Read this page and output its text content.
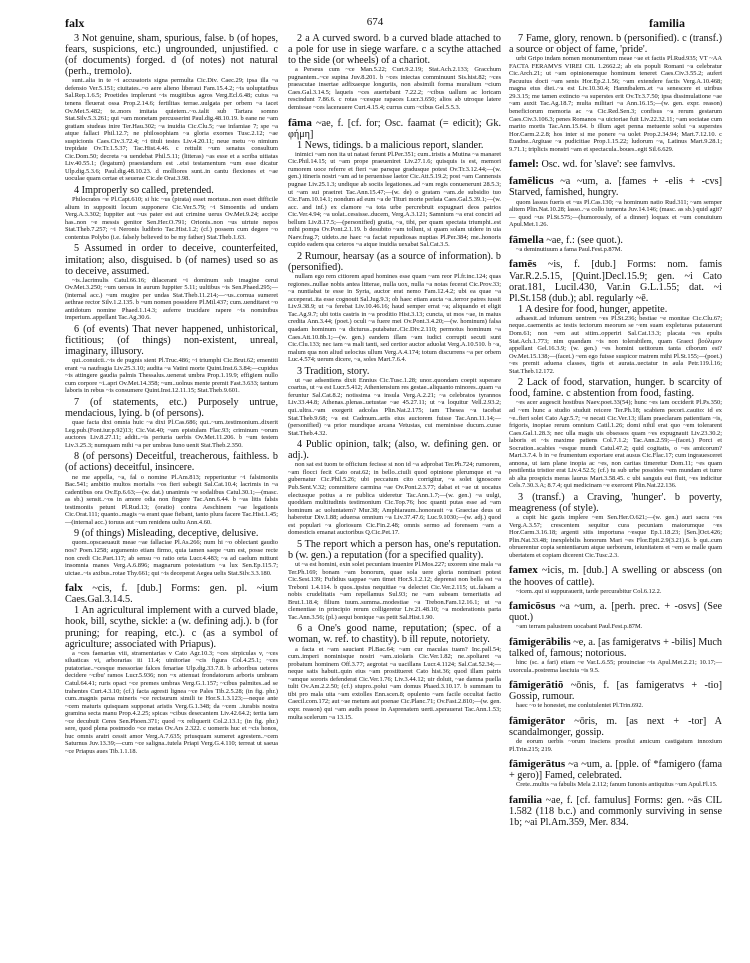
falx	674	familia

3 Not genuine, sham, spurious, false. b (of hopes, fears, suspicions, etc.) ungrounded, unjustified. c (of documents) forged. d (of notes) not natural (perh., tremolo).

sunt..alia in te ~i accusatoris signa permulta Cic.Div. Caec.29; ipsa illa ~a defensio Ver.5.151; ciuitates..~o aere alieno liberaui Fam.15.4.2; ~is uoluptatibus Sal.Rep.1.6.5; Proetides implerunt ~is mugitibus agros Verg.Ecl.6.48; cuius ~a tenens fleuerat ossa Prop.2.14.6; fertilitas terrae..uulgata per orbem ~a iacet Ov.Met.5.482; te..mors imitata quietem..~o..talit sub Tartara somno Stat.Silv.5.3.261; qui ~am monetam percusserint Paul.dig.48.10.19. b eane ne ~am gratiam studeas inire Ter.Hau.302; ~a inuidia Cic.Clu.5; ~ae infamiae 7; spe ~a atque fallaci Phil.12.7; ne philosophiam ~a gloria exornes Tusc.2.12; ~ae suspicionis Caes.Civ.3.72.4; ~i tituli testes Liv.4.20.11; neue metu ~o nimium trepidate Ov.Tr.1.5.37; Tac.Hist.4.46. c rettulit ~um senatus consultum Cic.Dom.50; decreta ~a uendebat Phil.5.11; (litteras) ~as esse et a scriba uitiatas Liv.40.55.1; (legatum) praestandum est ..etsi testamentum ~um esse dicatur Ulp.dig.5.3.6; Paul.dig.48.10.23. d molliores sunt..in cantu flexiones et ~ae uoculae quam certae et seuerae Cic.de Orat.3.98.

4 Improperly so called, pretended.

Philocrates ~e Pl.Capt.610; si hic ~us (pirata) esset mortuus..non esset difficile alium in suppositi locum supponere Cic.Ver.5.79; ~i Simoentis ad undam Verg.A.3.302; Iuppiter aut ~us pater est aut crimine uerus Ov.Met.9.24; accipe has..non ~e messis genitor Sen.Her.O.791; Orionis..non ~us uirtute nepos Stat.Theb.7.257; ~i Neronis ludibrio Tac.Hist.1.2; (cf.) possem cum degere ~o contentus Polybo (i.e. falsely believed to be my father) Stat.Theb.1.63.

5 Assumed in order to deceive, counterfeited, imitation; also, disguised. b (of names) used so as to deceive, assumed.

~is..lacrimulis Catul.66.16; dilacerant ~i dominum sub imagine cerui Ov.Met.3.250; ~um uersus in aurum Iuppiter 5.11; uultibus ~is Sen.Phaed.295;—(internal acc.) ~um mugire per undas Stat.Theb.11.214;—~us..cornua sumeret aethrae rector Silv.1.2.135. b ~um nomen possidere Pl.Mil.437; cum..uenditaret ~o antidotum nomine Phaed.1.14.3; auferre trucidare rapere ~is nominibus imperium..appellant Tac.Ag.30.6.

6 (of events) That never happened, unhistorical, fictitious; (of things) non-existent, unreal, imaginary, illusory.

qui..conuicti..~is de pugnis sient Pl.Truc.486; ~i triumphi Cic.Brut.62; ementiti erant ~a naufragia Liv.25.3.10; audita ~a Vatini morte Quint.Inst.6.3.84;—cupidus ~is attingere gaudia palmis Thessalus..uenerat umbra Prop.1.19.9; effigiem nullo cum corpore ~i..apri Ov.Met.14.358; ~um..uolnus mente premit Fast.3.633; tantum laboris in rebus ~is consumere Quint.Inst.12.11.15; Stat.Theb.9.601.

7 (of statements, etc.) Purposely untrue, mendacious, lying. b (of persons).

quae facta dixi omnia huic ~a dixi Pl.Cas.686; qui..~um..testimonium..dixerit Leg.pub.(Font.iur.p.92)13; Cic.Vat.40; ~am epistulam Flac.93; criminum ~orum auctores Liv.8.27.11; addit..~is periuria uerbis Ov.Met.11.206. b ~um testem Liv.3.25.3; numquam mihi ~a per umbras Iuno uenit Stat.Theb.2.350.

8 (of persons) Deceitful, treacherous, faithless. b (of actions) deceitful, insincere.

ne me appella, ~a, fal o nomine Pl.Am.813; repperiuntur ~i falsimoniis Bac.541; ambitio multos mortalis ~os fieri subegit Sal.Cat.10.4; lacrimis in ~a cadentibus ora Ov.Ep.6.63;—(w. dat.) unanimis ~e sodalibus Catul.30.1;—(masc. as sb.) sensit..~os in amore odia non fingere Tac.Ann.6.44. b ~as litis falsis testimoniis petunt Pl.Rud.13; (oratio) contra Aeschinem ~ae legationis Cic.Orat.111; quanto..magis ~a erant quae fiebant, tanto plura facere Tac.Hist.1.45;—(internal acc.) toruus aut ~um renidens uultu Ann.4.60.

9 (of things) Misleading, deceptive, delusive.

quom..opscaeuauit meae ~ae fallaciae Pl.As.266; num hi ~o oblectant gaudio nos? Poen.1258; argumento etiam firmo, quia tamen saepe ~um est, posse recte non credi Cic.Part.117; ab sensu ~o ratio orta Lucr.4.483; ~a ad caelum mittunt insomnia manes Verg.A.6.896; magnarum potestatium ~a lux Sen.Ep.115.7; uictae..~is axibus..rotae Thy.661; qui ~is deceperat Aegea uelis Stat.Silv.3.3.180.

falx ~cis, f. [dub.] Forms: gen. pl. ~ium Caes.Gal.3.14.5.

1 An agricultural implement with a curved blade, hook, bill, scythe, sickle: a (w. defining adj.). b (for pruning; for reaping, etc.). c (as a symbol of agriculture; associated with Priapus).

a ~ces faenarias viii, stramentarias v Cato Agr.10.3; ~ces sirpiculas v, ~ces siluaticas vi, arborarias iii 11.4; uinitoriae ~cis figura Col.4.25.1; ~ces putatoriae..~cesque messoriae falces fenariae Ulp.dig.33.7.8. b arboribus ueteres decidere ~cibu' ramos Lucr.5.936; non ~x attenuat frondatorum arboris umbram Catul.64.41; ruris opaci ~ce premes umbras Verg.G.1.157; ~cibus palmites..ad se trahentes Curt.4.3.10; (cf.) facta agresti lignea ~ce Pales Tib.2.5.28; (in fig. phr.) cum..magnis parua mineris ~ce recisurum simili te Hor.S.1.3.123;—neque ante ~cem maturis quisquam supponat aristis Verg.G.1.348; da ~cem ..iurabis nostra gramina secta manu Prop.4.2.25; spicas ~cibus desecantem Liv.42.64.2; tertia iam ~ce decubuit Ceres Sen.Phoen.371; quod ~x reliquerit Col.2.13.1; (in fig. phr.) sere, quod plena postmodo ~ce metas Ov.Ars 2.322. c uomeris huc et ~cis honos, huc omnis aratri cessit amor Verg.A.7.635; priusquam sumeret agrestem..~cem Saturnus Juv.13.39;—cum ~ce saligna..tutela Priapi Verg.G.4.110; terreat ut saeua ~ce Priapus aues Tib.1.1.18.

2 a A curved sword. b a curved blade attached to a pole for use in siege warfare. c a scythe attached to the side (or wheels) of a chariot.

a Perseus cum ~ce Man.5.22; Curt.9.2.19; Stat.Ach.2.133; Gracchum pugnantem..~ce supina Juv.8.201. b ~ces iniectas comminuunt Sis.hist.82; ~ces praeacutae insertae adfixaeque longuriis, non absimili forma muralium ~cium Caes.Gal.3.14.5; laqueis ~ces auertebant 7.22.2; ~cibus uallum ac loricam rescindunt 7.86.6. c rotas ~cesque rapaces Lucr.3.650; alios ab utroque latere demissae ~ces lacerauere Curt.4.15.4; currus cum ~cibus Gel.5.5.3.

fāma ~ae, f. [cf. for; Osc. faamat (= edicit); Gk. φήμη]

1 News, tidings. b a malicious report, slander.

inimici ~am non ita ut natast ferunt Pl.Per.351; cum..tristis a Mutina ~a manaret Cic.Phil.14.15; ut ~am prope praeueniret Liv.27.1.6; quisquis is est, memori rumorem uoce referre et fieri ~ae parsque gradusque potest Ov.Tr.3.12.44;—(w. gen.) itineris nostri ~am ad te peruenisse laetor Cic.Att.5.19.2; post ~am Cannensis pugnae Liv.25.1.3; undique ab sociis legationes..ad ~am regis conuenerunt 28.5.3; ut ~am sui praeiret Tac.Ann.15.47;—(w. de) o gratam ~am..de subsidio tuo Cic.Fam.10.14.1; nondum ad eum ~a de Titurі morte perlata Caes.Gal.5.39.1;—(w. acc. and inf.) ex clamore ~a tota urbe percrebruit expugnari deos patrios Cic.Ver.4.94; ~a uolat..cessisse..ducem, Verg.A.3.121; Samnium ~a erat conciri ad bellum Liv.8.17.5;—(personified) gratia, ~a, tibi, per quam spectata triumphi..est mihi pompa Ov.Pont.2.1.19. b desubito ~am tollunt, si quam solam uidere in uia Naev.frag.7; uideto..ne haec ~a faciat repudiosas nuptias Pl.Per.384; me..honoris cupido eadem qua ceteros ~a atque inuidia uexabat Sal.Cat.3.5.

2 Rumour, hearsay (as a source of information). b (personified).

nullam ego rem citiorem apud homines esse quam ~am reor Pl.fr.inc.124; quas regiones..nullae nobis antea litterae, nulla uox, nulla ~a notas fecerat Cic.Prov.33; ~a nuntiabat te esse in Syria, auctor erat nemo Fam.12.4.2; ubi ea quae ~a acceperat..ita esse cognouit Sal.Jug.9.3; ob haec etiam aucta ~a..terror patres iussit Liv.9.38.9; ut ~a ferebat Liv.10.46.16; haud semper errat ~a; aliquando et eligit Tac.Ag.9.7; ubi totis castris in ~a proditio Hist.3.13; cuncta, ut mos ~ae, in maius credita Ann.3.44; (poet.) oculi ~a fuere mei Ov.Pont.3.4.20;—(w. hominum) falsa quadam hominum ~a dicturus..putabatur..Cic.Div.2.110; permotus hominum ~a Caes.Att.10.8b.1;—(w. gen.) eandem illam ~am iudici corrupti secuti sunt Cic.Clu.133; nec iam ~a mali tanti, sed certior auctor aduolat Verg.A.10.510. b ~a, malum qua non aliud uelocius ullum Verg.A.4.174; totum discurrens ~a per orbem Luc.4.574; uerum dicere, ~a, soles Mart.7.6.4.

3 Tradition, story.

ut ~ae adsentiens dixit Ennius Cic.Tusc.1.28; unor..quondam coepit superare coartus, ut ~a est Lucr.5.412; Atheniensium res gestae..aliquanto minores..quam ~a feruntur Sal.Cat.8.2; notissima ~a insula Verg.A.2.21; ~a celebratos tyrannos Liv.33.44.8; Athenas..plenas..uetustae ~ae 45.27.11; ut ~a loquitur Vell.2.93.2; qui..ultra..~am exegerit adcolas Plin.Nat.2.175; iam Thesea ~a tacebat Stat.Theb.9.68; ~a est Cadmum..artis eius auctorem fuisse Tac.Ann.11.14;—(personified) ~a prior mundique arcana Vetustas, cui meminisse ducum..curae Stat.Theb.4.32.

4 Public opinion, talk; (also, w. defining gen. or adj.).

non sat est tuom te officium fecisse si non id ~a adprobat Ter.Ph.724; rumorem, ~am flocci fecit Cato orat.62; in bello..ciuili quod opinione plerumque et ~a gubernatur Cic.Phil.5.26; ubi peccatum cito corrigitur, ~a solet ignoscere Pub.Sent.V.32; committere carmina ~ae Ov.Pont.2.3.77; dabat et ~ae ut uocatus electusque potius a re publica uideretur Tac.Ann.1.7;—(w. gen.) ~a uulgi, quoddam multitudinis testimonium Cic.Top.76; hoc quanti putas esse ad ~am hominum ac uoluntatem? Mur.38; Amphiaraum..honorauit ~a Graeciae deus ut haberetur Div.1.88; aduersa omnium ~a Liv.37.47.6; Luc.9.1030;—(w. adj.) quod est populari ~a gloriosum Cic.Fin.2.48; omnis sermo ad forensem ~am a domesticis emanat auctoribus Q.Cic.Pet.17.

5 The report which a person has, one's reputation. b (w. gen.) a reputation (for a specified quality).

ut ~a est homini, exin solet pecuniam inuenire Pl.Mos.227; uxorem sine mala ~a Ter.Ph.169; bonam ~am bonorum, quae sola uere gloria nominari potest Cic.Sest.139; Fufidius uappae ~am timet Hor.S.1.2.12; deprensi non bella est ~a Treboni 1.4.114. b quos..ipsius nequitiae ~a delectet Cic.Ver.2.115; ut..falsam a nobis crudelitatis ~am repellamus Sul.93; ne ~am subeam temeritatis ad Brut.1.18.4; filium tuum..summa..modestiae ~a Trebon.Fam.12.16.1; ut ~a clementiae in principio rerum colligeretur Liv.21.48.10; ~a moderationis parta Tac.Ann.3.56; (pl.) aequi bonique ~as petit Sal.Hist.1.90.

6 a One's good name, reputation; (spec. of a woman, w. ref. to chastity). b ill repute, notoriety.

a facta et ~am sauciant Pl.Bac.64; ~am cur maculas tuam? Inc.pall.54; cum..imperi nominisque nostri ~am..uiolaris Cic.Ver.1.82; ne..spoliaret ~a probatum hominem Off.3.77; aegrotat ~a uacillans Lucr.4.1124; Sal.Cat.52.34;—neque satis habuit..quin eius ~am prostitueret Cato hist.36; quod illam patris ~amque sororis defenderat Cic.Ver.1.76; Liv.3.44.12; uir doluit, ~ae damna puella tulit Ov.Am.2.2.50; (cf.) stupro..polui ~am domus Phaed.3.10.17. b summam tu tibi pro mala uita ~am extolles Enn.scen.8; opulento ~am facile occultat factio Caecil.com.172; aut ~ae metum aut poenae Cic.Planc.71; Ov.Fast.2.810;—(w. gen. expr. reason) qui ~am audis posse in Asprenatem uerti..sperauerat Tac.Ann.1.53; multa scelerum ~a 13.15.

7 Fame, glory, renown. b (personified). c (transf.) a source or object of fame, 'pride'.

urbi Gripo indam nomen monumentum meae ~ae et factis Pl.Rud.935; VT ~AA FACTA FERAMVS VIREI CIL 1.2662.2; ab eis populi Romani ~a celebratur Cic.Arch.21; ut ~am opinionemque hominum teneret Caes.Civ.3.55.2; aufert Pacuuius docti ~am senis Hor.Ep.2.1.56; ~am extendere factis Verg.A.10.468; magna eius diei..~a est Liv.10.30.4; Hannibalem..et ~a senescere et uiribus 29.3.15; me tamen extincto ~a superstes erit Ov.Tr.3.7.50; ipsa dissimulatione ~ae ~am auxit Tac.Ag.18.7; multa militari ~a Ann.16.15;—(w. gen. expr. reason) beneficiorum memoria ac ~a Cic.Red.Sen.3; confisus ~a rerum gestarum Caes.Civ.3.106.3; penes Romanos ~a uictoriae fuit Liv.22.32.11; ~am sociatae cum marito mortis Tac.Ann.15.64. b illum aget penna metuente solui ~a superstes Hor.Carm.2.2.8; hos inter si me ponere ~a uolet Prop.2.34.94; Mart.7.12.10. c Euadne..Argiuae ~a pudicitiae Prop.1.15.22; ludorum ~a, Latinus Mart.9.28.1; 9.71.1; triplicis monstri ~am et spectacula..boues..egit Sil.6.629.

famel: Osc. wd. for 'slave': see famvlvs.

famēlicus ~a ~um, a. [fames + -elis + -cvs] Starved, famished, hungry.

quom lassus fueris et ~us Pl.Cas.130; ~a hominum natio Rud.311; ~am semper alitem Plin.Nat.10.28; lasso..~a collo iumenta Juv.14.146; (masc. as sb.) quid agit? — quod ~us Pl.St.575;—(humorously, of a dinner) loquax et ~um conuiuium Apul.Met.1.26.

fāmella ~ae, f.: (see quot.).

~a deminutiuum a fama Paul.Fest.p.87M.

famēs ~is, f. [dub.] Forms: nom. famis Var.R.2.5.15, [Quint.]Decl.15.9; gen. ~i Cato orat.181, Lucil.430, Var.in G.L.1.55; dat. ~i Pl.St.158 (dub.); abl. regularly ~ē.

1 A desire for food, hunger, appetite.

adhaesit..ad infumum uentrem ~es Pl.St.236; bestiae ~e monitae Cic.Clu.67; neque..caementis ac testis tectorum meorum se ~em suam expleturas putauerunt Dom.61; non ~em aut sitim..opperiri Sal.Cat.13.3; placata ~es epulis Stat.Ach.1.773; nim quandam ~is non tolerabilem, quam Graeci βούλιμον appellant Gel.16.3.9; (w. gen.) ~es homini uetitorum tanta ciborum est? Ov.Met.15.138;—(facet.) ~em ego fuisse suspicor matrem mihi Pl.St.155;—(poet.) ~es premit aduena classes, tigris et aurata..uectatur in aula Petr.119.l.16; Stat.Theb.12.172.

2 Lack of food, starvation, hunger. b scarcity of food, famine. c abstention from food, fasting.

~es acer augescit hostibus Naev.poet.33(54); hunc ~es iam occiderit Pl.Ps.350; ad ~em hunc a studio studuit reicere Ter.Ph.18; scabiem pecori..cauito: id ex ~e..fieri solet Cato Agr.5.7; ~e necati Cic.Ver.13; illam praeclaram patientiam ~is, frigoris, inopiae rerum omnium Catil.1.26; domi nihil erat quo ~em tolerarent Caes.Gal.1.28.3; nec ulla magis uis obsessos quam ~es expugnauit Liv.23.30.2; laboris et ~is maxime patiens Col.7.1.2; Tac.Ann.2.59;—(facet.) Porci et Socration..scabies ~esque mundi Catul.47.2; quid cogitatis, o ~es amicorum? Mart.3.7.4. b in ~e frumentum exportare erat ausus Cic.Flac.17; cum ingrauesceret annona, ut iam plane inopia ac ~es, non caritas timeretur Dom.11; ~es quam pestilentia tristior erat Liv.4.52.5; (cf.) tu sub urbe possides ~em mundam et turre ab alta prospicis meras laurus Mart.3.58.45. c ubi sanguis eui fluit, ~es indicitur Cels.7.30.3.A; 8.7.4; qui medicinam ~e exercent Plin.Nat.22.136.

3 (transf.) a Craving, 'hunger'. b poverty, meagreness (of style).

a cupit hic gazis implere ~em Sen.Her.O.621;—(w. gen.) auri sacra ~es Verg.A.3.57; crescentem sequitur cura pecuniam maiorumque ~es Hor.Carm.3.16.18; argenti sitis importuna ~esque Ep.1.18.23; [Sen.]Oct.426; Plin.Nat.33.48; inexplebilis honorum Mari ~es Flor.Epit.2.9(3.21).6. b qui..cum obruerentur copia sententiarum atque uerborum, ieiunitatem et ~em se malle quam ubertatem et copiam dicerent Cic.Tusc.2.3.

famex ~icis, m. [dub.] A swelling or abscess (on the hooves of cattle).

~icem..qui si suppurauerit, tarde percurabitur Col.6.12.2.

famicōsus ~a ~um, a. [perh. prec. + -osvs] (See quot.)

~am terram palustrem uocabant Paul.Fest.p.87M.

fāmigerābilis ~e, a. [as famigeratvs + -bilis] Much talked of, famous; notorious.

hinc (sc. a fari) etiam ~e Var.L.6.55; prouinciae ~is Apul.Met.2.21; 10.17;—uxorcula..postrema lasciuia ~is 9.5.

fāmigerātiō ~ōnis, f. [as famigeratvs + -tio] Gossip, rumour.

haec ~o te honestet, me conlutulentet Pl.Trin.692.

fāmigerātor ~ōris, m. [as next + -tor] A scandalmonger, gossip.

de eorum uerbis ~orum insciens prosilui amicum castigatum innoxium Pl.Trin.215; 219.

fāmigerātus ~a ~um, a. [pple. of *famigero (fama + gero)] Famed, celebrated.

Crete..multis ~a fabulis Mela 2.112; fanum Iunonis antiquitus ~um Apul.Fl.15.

familia ~ae, f. [cf. famulus] Forms: gen. ~ās CIL 1.582 (118 b.c.) and commonly surviving in sense 1b; ~ai Pl.Am.359, Mer. 834.
